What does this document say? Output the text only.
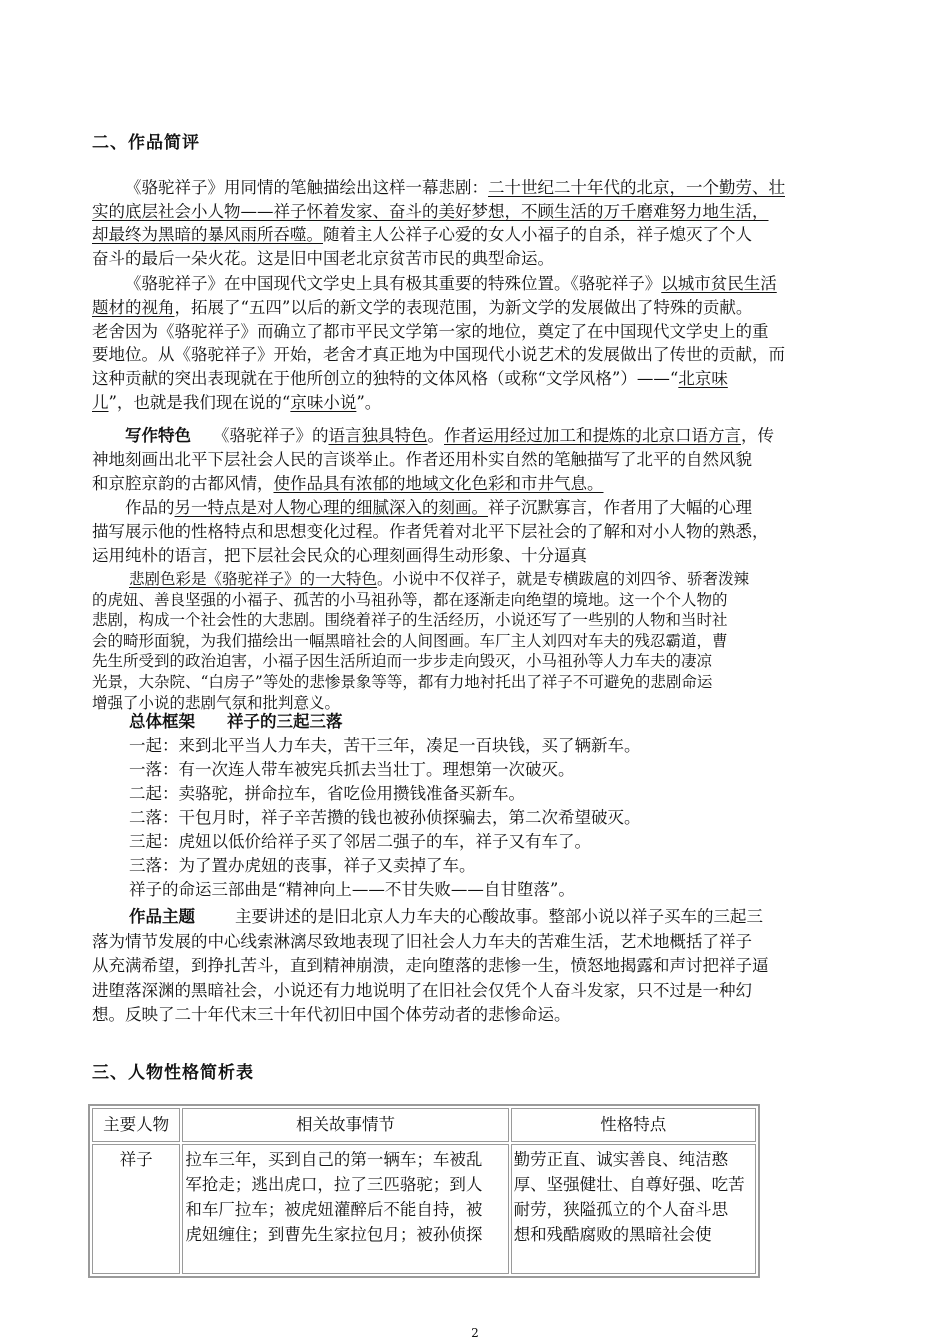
二、作品简评
《骆驼祥子》用同情的笔触描绘出这样一幕悲剧：二十世纪二十年代的北京，一个勤劳、壮
实的底层社会小人物——祥子怀着发家、奋斗的美好梦想，不顾生活的万千磨难努力地生活，
却最终为黑暗的暴风雨所吞噬。随着主人公祥子心爱的女人小福子的自杀，祥子熄灭了个人
奋斗的最后一朵火花。这是旧中国老北京贫苦市民的典型命运。
《骆驼祥子》在中国现代文学史上具有极其重要的特殊位置。《骆驼祥子》以城市贫民生活
题材的视角，拓展了“五四”以后的新文学的表现范围，为新文学的发展做出了特殊的贡献。
老舍因为《骆驼祥子》而确立了都市平民文学第一家的地位，奠定了在中国现代文学史上的重
要地位。从《骆驼祥子》开始，老舍才真正地为中国现代小说艺术的发展做出了传世的贡献，而
这种贡献的突出表现就在于他所创立的独特的文体风格（或称“文学风格”）——“北京味
儿”，也就是我们现在说的“京味小说”。
写作特色 《骆驼祥子》的语言独具特色。作者运用经过加工和提炼的北京口语方言，传
神地刻画出北平下层社会人民的言谈举止。作者还用朴实自然的笔触描写了北平的自然风貌
和京腔京韵的古都风情，使作品具有浓郁的地域文化色彩和市井气息。
作品的另一特点是对人物心理的细腻深入的刻画。祥子沉默寡言，作者用了大幅的心理
描写展示他的性格特点和思想变化过程。作者凭着对北平下层社会的了解和对小人物的熟悉，
运用纯朴的语言，把下层社会民众的心理刻画得生动形象、十分逼真
悲剧色彩是《骆驼祥子》的一大特色。小说中不仅祥子，就是专横跋扈的刘四爷、骄奢泼辣
的虎妞、善良坚强的小福子、孤苦的小马祖孙等，都在逐渐走向绝望的境地。这一个个人物的
悲剧，构成一个社会性的大悲剧。围绕着祥子的生活经历，小说还写了一些别的人物和当时社
会的畸形面貌，为我们描绘出一幅黑暗社会的人间图画。车厂主人刘四对车夫的残忍霸道，曹
先生所受到的政治迫害，小福子因生活所迫而一步步走向毁灭，小马祖孙等人力车夫的凄凉
光景，大杂院、“白房子”等处的悲惨景象等等，都有力地衬托出了祥子不可避免的悲剧命运
增强了小说的悲剧气氛和批判意义。
总体框架 祥子的三起三落
一起：来到北平当人力车夫，苦干三年，凑足一百块钱，买了辆新车。
一落：有一次连人带车被宪兵抓去当壮丁。理想第一次破灭。
二起：卖骆驼，拼命拉车，省吃俭用攒钱准备买新车。
二落：干包月时，祥子辛苦攒的钱也被孙侦探骗去，第二次希望破灭。
三起：虎妞以低价给祥子买了邻居二强子的车，祥子又有车了。
三落：为了置办虎妞的丧事，祥子又卖掉了车。
祥子的命运三部曲是“精神向上——不甘失败——自甘堕落”。
作品主题 主要讲述的是旧北京人力车夫的心酸故事。整部小说以祥子买车的三起三
落为情节发展的中心线索淋漓尽致地表现了旧社会人力车夫的苦难生活，艺术地概括了祥子
从充满希望，到挣扎苦斗，直到精神崩溃，走向堕落的悲惨一生，愤怒地揭露和声讨把祥子逼
进堕落深渊的黑暗社会，小说还有力地说明了在旧社会仅凭个人奋斗发家，只不过是一种幻
想。反映了二十年代末三十年代初旧中国个体劳动者的悲惨命运。
三、人物性格简析表
主要人物	相关故事情节	性格特点

祥子	拉车三年，买到自己的第一辆车；车被乱
军抢走；逃出虎口，拉了三匹骆驼；到人
和车厂拉车；被虎妞灌醉后不能自持，被
虎妞缠住；到曹先生家拉包月；被孙侦探	勤劳正直、诚实善良、纯洁憨
厚、坚强健壮、自尊好强、吃苦
耐劳，狭隘孤立的个人奋斗思
想和残酷腐败的黑暗社会使
2
